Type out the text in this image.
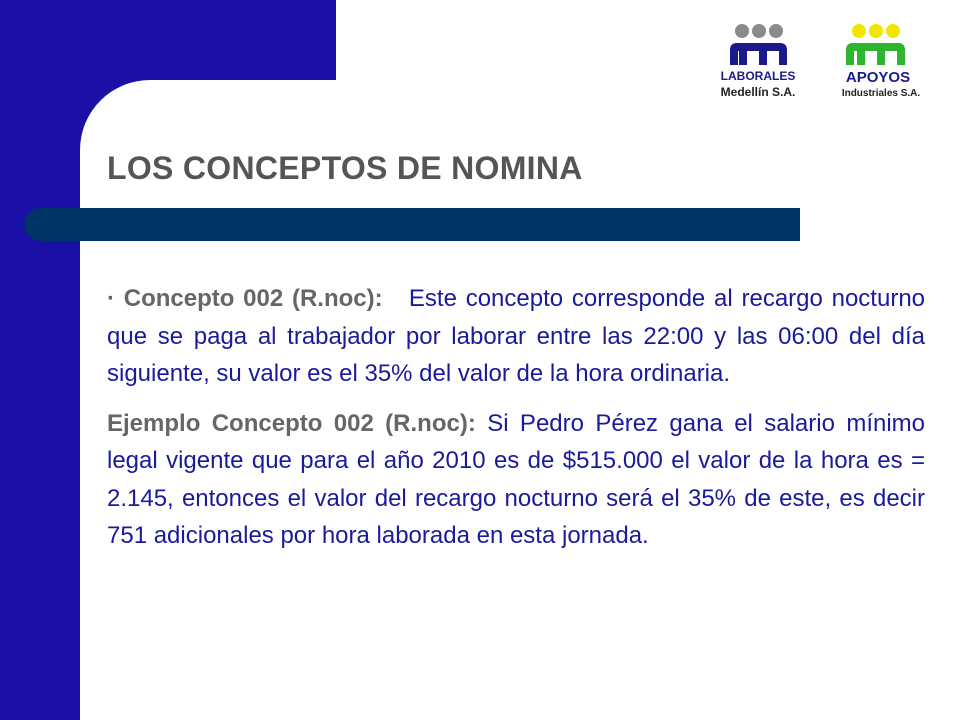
LABORALES
Medellín S.A.
APOYOS
Industriales S.A.
LOS CONCEPTOS DE NOMINA

· Concepto 002 (R.noc): Este concepto corresponde al recargo nocturno que se paga al trabajador por laborar entre las 22:00 y las 06:00 del día siguiente, su valor es el 35% del valor de la hora ordinaria.

Ejemplo Concepto 002 (R.noc): Si Pedro Pérez gana el salario mínimo legal vigente que para el año 2010 es de $515.000 el valor de la hora es = 2.145, entonces el valor del recargo nocturno será el 35% de este, es decir 751 adicionales por hora laborada en esta jornada.
